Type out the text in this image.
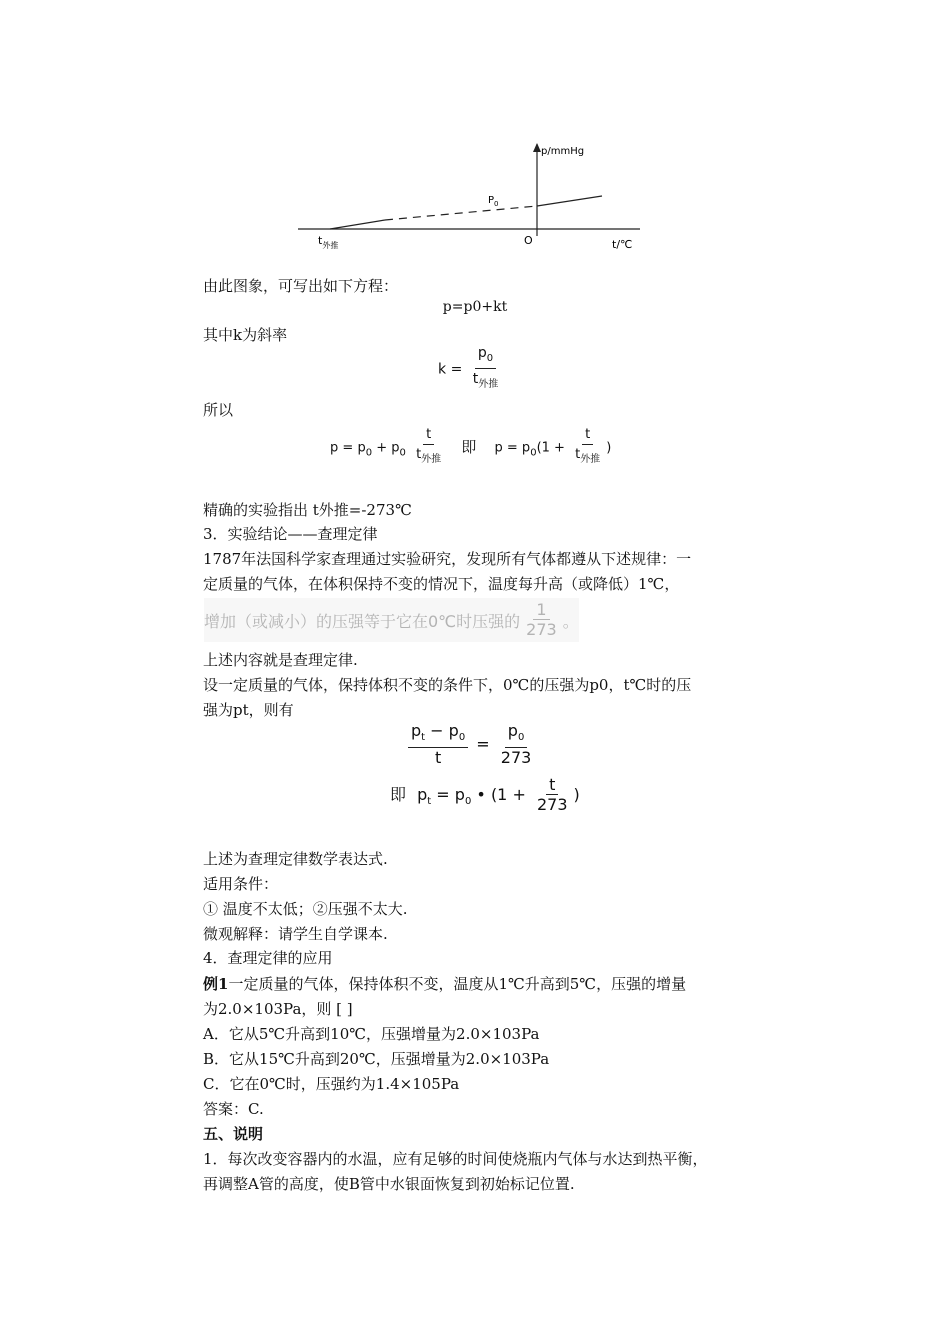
p/mmHg
$P_0$
O
$t_{外推}$	t/℃
由此图象，可写出如下方程：
p=p0+kt
其中k为斜率
$k = \frac{p_0}{t_{外推}}$
所以
$p = p_0 + p_0 \frac{t}{t_{外推}}$ 即 $p = p_0(1 + \frac{t}{t_{外推}}$ )
精确的实验指出 t外推=-273℃
3．实验结论——查理定律
1787年法国科学家查理通过实验研究，发现所有气体都遵从下述规律：一
定质量的气体，在体积保持不变的情况下，温度每升高（或降低）1℃，
增加（或减小）的压强等于它在0℃时压强的 $\frac{1}{273}$ 。
上述内容就是查理定律.
设一定质量的气体，保持体积不变的条件下，0℃的压强为p0，t℃时的压
强为pt，则有
$\frac{p_t - p_0}{t} = \frac{p_0}{273}$
即 $p_t = p_0$ • ($1 + \frac{t}{273}$ )
上述为查理定律数学表达式.
适用条件：
① 温度不太低；②压强不太大.
微观解释：请学生自学课本.
4．查理定律的应用
例1一定质量的气体，保持体积不变，温度从1℃升高到5℃，压强的增量
为2.0×103Pa，则 [ ]
A．它从5℃升高到10℃，压强增量为2.0×103Pa
B．它从15℃升高到20℃，压强增量为2.0×103Pa
C．它在0℃时，压强约为1.4×105Pa
答案：C.
五、说明
1．每次改变容器内的水温，应有足够的时间使烧瓶内气体与水达到热平衡，
再调整A管的高度，使B管中水银面恢复到初始标记位置.
